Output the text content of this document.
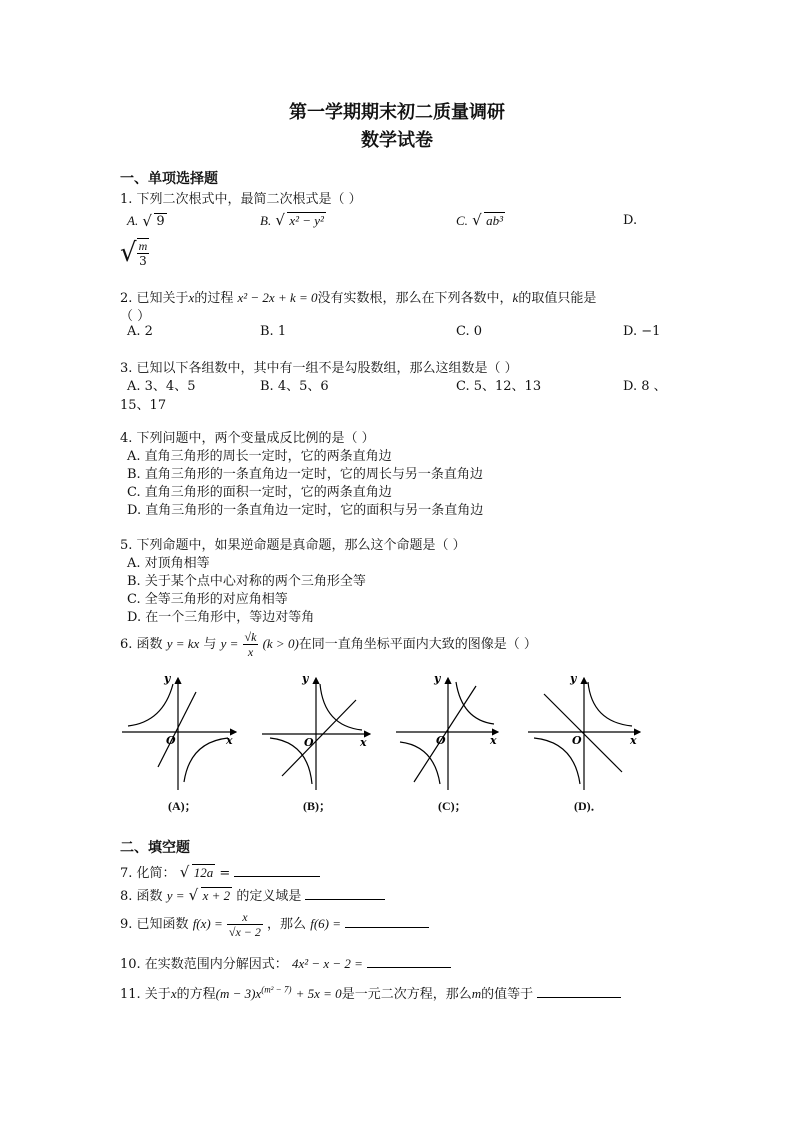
第一学期期末初二质量调研
数学试卷
一、单项选择题
1. 下列二次根式中，最简二次根式是（ ）
A. √ 9	B. √ x² − y²	C. √ ab³	D.
√ $\frac{m}{3}$
2. 已知关于x的过程 x² − 2x + k = 0没有实数根，那么在下列各数中，k的取值只能是
（ ）
A. 2	B. 1	C. 0	D. −1
3. 已知以下各组数中，其中有一组不是勾股数组，那么这组数是（ ）
A. 3、4、5	B. 4、5、6	C. 5、12、13	D. 8 、
15、17
4. 下列问题中，两个变量成反比例的是（ ）
A. 直角三角形的周长一定时，它的两条直角边
B. 直角三角形的一条直角边一定时，它的周长与另一条直角边
C. 直角三角形的面积一定时，它的两条直角边
D. 直角三角形的一条直角边一定时，它的面积与另一条直角边
5. 下列命题中，如果逆命题是真命题，那么这个命题是（ ）
A. 对顶角相等
B. 关于某个点中心对称的两个三角形全等
C. 全等三角形的对应角相等
D. 在一个三角形中，等边对等角
6. 函数 y = kx 与 $y = \frac{√k}{x} (k > 0)$在同一直角坐标平面内大致的图像是（ ）
y
x
O
y
x
O
y
x
O
y
x
O
(A)；	(B)；	(C)；	(D)．
二、填空题
7. 化简： √ 12a =
8. 函数 y = √ x + 2 的定义域是
9. 已知函数 $f(x) = \frac{x}{√x - 2}$ ，那么 f(6) =
10. 在实数范围内分解因式： 4x² − x − 2 =
11. 关于x的方程$(m - 3)x^{(m^2 - 7)} + 5x = 0$是一元二次方程，那么m的值等于
